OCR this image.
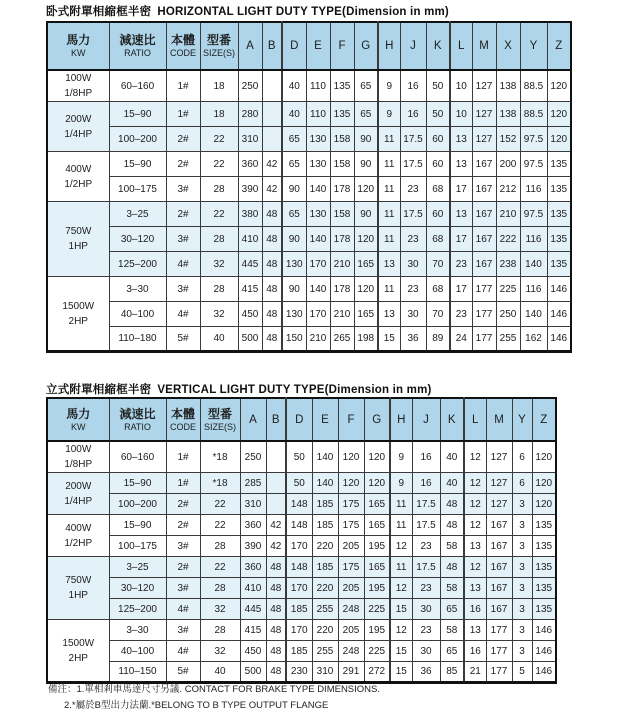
卧式附單相縮框半密 HORIZONTAL LIGHT DUTY TYPE(Dimension in mm)
馬力
KW

減速比
RATIO

本體
CODE

型番
SIZE(S)
	A	B	D	E	F	G	H	J	K	L	M	X	Y	Z

100W
1/8HP	60–160	1#	18	250		40	110	135	65	9	16	50	10	127	138	88.5	120

200W
1/4HP	15–90	1#	18	280		40	110	135	65	9	16	50	10	127	138	88.5	120
	100–200	2#	22	310		65	130	158	90	11	17.5	60	13	127	152	97.5	120

400W
1/2HP	15–90	2#	22	360	42	65	130	158	90	11	17.5	60	13	167	200	97.5	135
	100–175	3#	28	390	42	90	140	178	120	11	23	68	17	167	212	116	135

750W
1HP	3–25	2#	22	380	48	65	130	158	90	11	17.5	60	13	167	210	97.5	135
	30–120	3#	28	410	48	90	140	178	120	11	23	68	17	167	222	116	135
	125–200	4#	32	445	48	130	170	210	165	13	30	70	23	167	238	140	135

1500W
2HP	3–30	3#	28	415	48	90	140	178	120	11	23	68	17	177	225	116	146
	40–100	4#	32	450	48	130	170	210	165	13	30	70	23	177	250	140	146
	110–180	5#	40	500	48	150	210	265	198	15	36	89	24	177	255	162	146
立式附單相縮框半密 VERTICAL LIGHT DUTY TYPE(Dimension in mm)
馬力
KW

減速比
RATIO

本體
CODE

型番
SIZE(S)
	A	B	D	E	F	G	H	J	K	L	M	Y	Z

100W
1/8HP	60–160	1#	*18	250		50	140	120	120	9	16	40	12	127	6	120

200W
1/4HP	15–90	1#	*18	285		50	140	120	120	9	16	40	12	127	6	120
	100–200	2#	22	310		148	185	175	165	11	17.5	48	12	127	3	120

400W
1/2HP	15–90	2#	22	360	42	148	185	175	165	11	17.5	48	12	167	3	135
	100–175	3#	28	390	42	170	220	205	195	12	23	58	13	167	3	135

750W
1HP	3–25	2#	22	360	48	148	185	175	165	11	17.5	48	12	167	3	135
	30–120	3#	28	410	48	170	220	205	195	12	23	58	13	167	3	135
	125–200	4#	32	445	48	185	255	248	225	15	30	65	16	167	3	135

1500W
2HP	3–30	3#	28	415	48	170	220	205	195	12	23	58	13	177	3	146
	40–100	4#	32	450	48	185	255	248	225	15	30	65	16	177	3	146
	110–150	5#	40	500	48	230	310	291	272	15	36	85	21	177	5	146
備注：1.單相剎車馬達尺寸另議. CONTACT FOR BRAKE TYPE DIMENSIONS.
2.*屬於B型出力法蘭.*BELONG TO B TYPE OUTPUT FLANGE
